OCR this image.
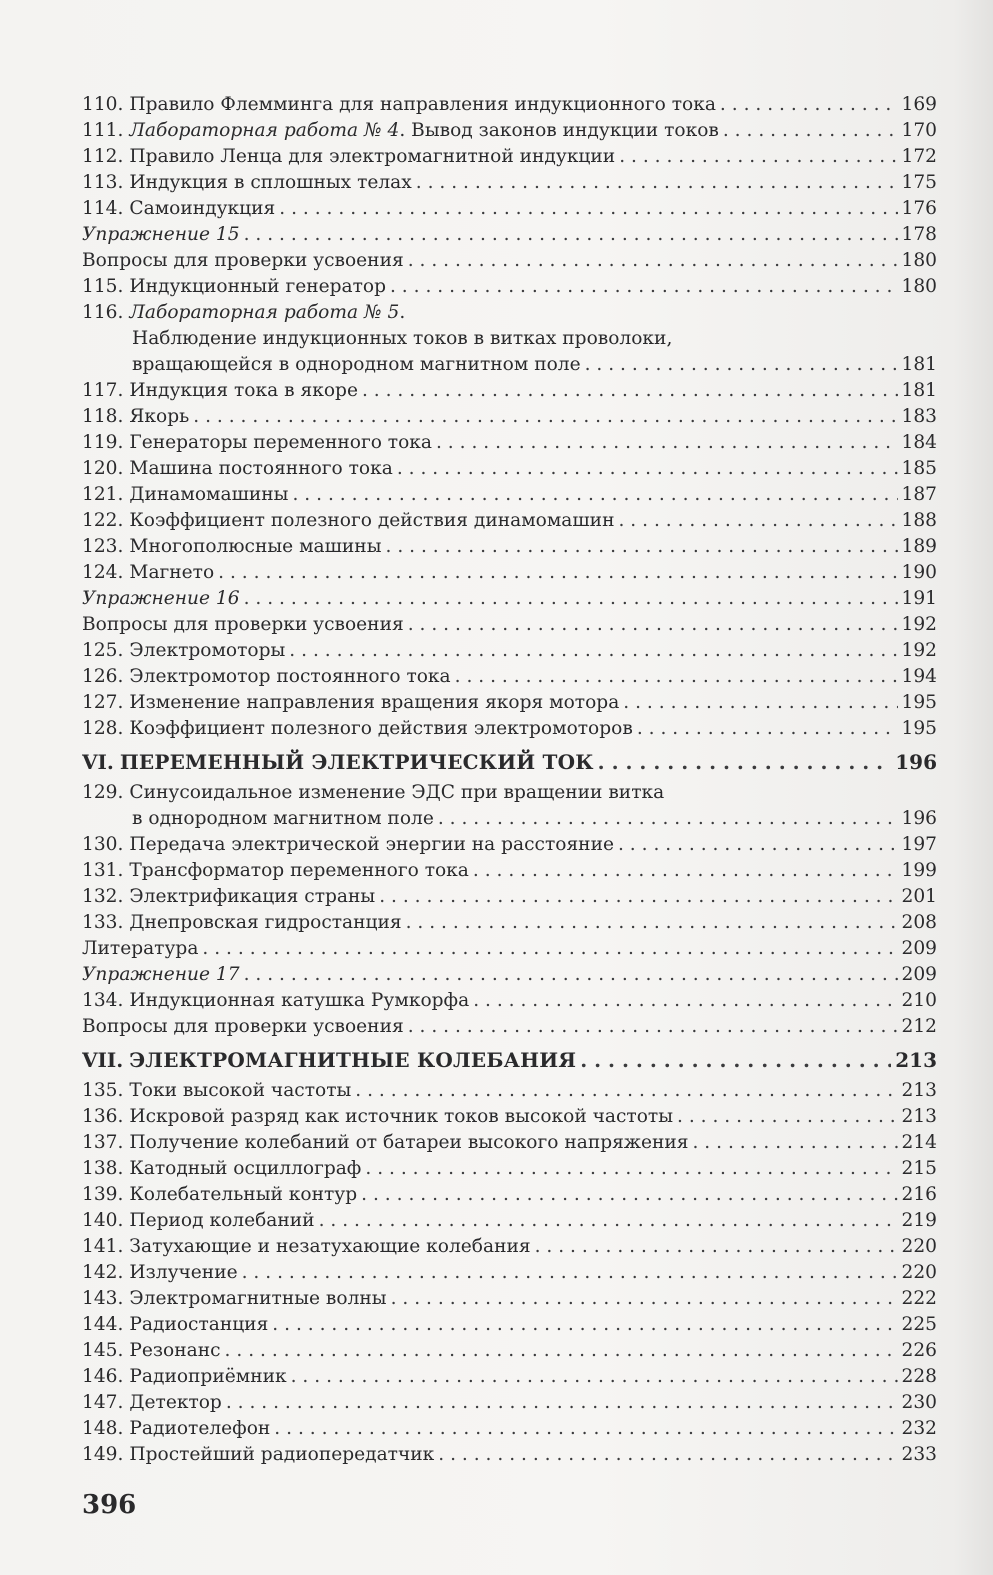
110. Правило Флемминга для направления индукционного тока . . .	169
111. Лабораторная работа № 4 . Вывод законов индукции токов . . .	170
112. Правило Ленца для электромагнитной индукции . . .	172
113. Индукция в сплошных телах . . .	175
114. Самоиндукция . . .	176
Упражнение 15 . . .	178
Вопросы для проверки усвоения . . .	180
115. Индукционный генератор . . .	180
116. Лабораторная работа № 5 .
Наблюдение индукционных токов в витках проволоки,
вращающейся в однородном магнитном поле . . .	181
117. Индукция тока в якоре . . .	181
118. Якорь . . .	183
119. Генераторы переменного тока . . .	184
120. Машина постоянного тока . . .	185
121. Динамомашины . . .	187
122. Коэффициент полезного действия динамомашин . . .	188
123. Многополюсные машины . . .	189
124. Магнето . . .	190
Упражнение 16 . . .	191
Вопросы для проверки усвоения . . .	192
125. Электромоторы . . .	192
126. Электромотор постоянного тока . . .	194
127. Изменение направления вращения якоря мотора . . .	195
128. Коэффициент полезного действия электромоторов . . .	195
VI. ПЕРЕМЕННЫЙ ЭЛЕКТРИЧЕСКИЙ ТОК . . .	196
129. Синусоидальное изменение ЭДС при вращении витка
в однородном магнитном поле . . .	196
130. Передача электрической энергии на расстояние . . .	197
131. Трансформатор переменного тока . . .	199
132. Электрификация страны . . .	201
133. Днепровская гидростанция . . .	208
Литература . . .	209
Упражнение 17 . . .	209
134. Индукционная катушка Румкорфа . . .	210
Вопросы для проверки усвоения . . .	212
VII. ЭЛЕКТРОМАГНИТНЫЕ КОЛЕБАНИЯ . . .	213
135. Токи высокой частоты . . .	213
136. Искровой разряд как источник токов высокой частоты . . .	213
137. Получение колебаний от батареи высокого напряжения . . .	214
138. Катодный осциллограф . . .	215
139. Колебательный контур . . .	216
140. Период колебаний . . .	219
141. Затухающие и незатухающие колебания . . .	220
142. Излучение . . .	220
143. Электромагнитные волны . . .	222
144. Радиостанция . . .	225
145. Резонанс . . .	226
146. Радиоприёмник . . .	228
147. Детектор . . .	230
148. Радиотелефон . . .	232
149. Простейший радиопередатчик . . .	233
396
